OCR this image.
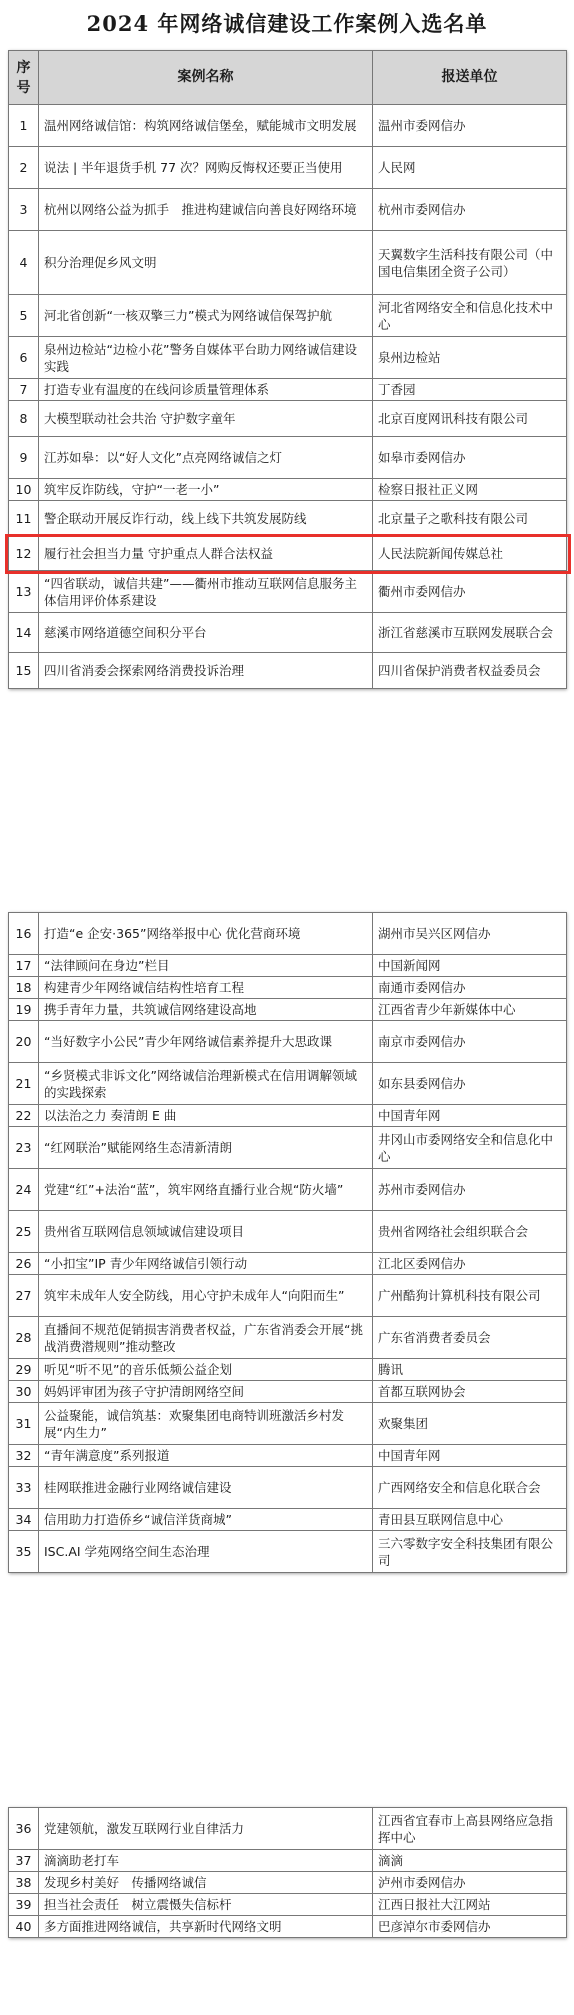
2024 年网络诚信建设工作案例入选名单
序号	案例名称	报送单位
1	温州网络诚信馆：构筑网络诚信堡垒，赋能城市文明发展	温州市委网信办
2	说法 | 半年退货手机 77 次？网购反悔权还要正当使用	人民网
3	杭州以网络公益为抓手　推进构建诚信向善良好网络环境	杭州市委网信办
4	积分治理促乡风文明	天翼数字生活科技有限公司（中国电信集团全资子公司）
5	河北省创新“一核双擎三力”模式为网络诚信保驾护航	河北省网络安全和信息化技术中心
6	泉州边检站“边检小花”警务自媒体平台助力网络诚信建设实践	泉州边检站
7	打造专业有温度的在线问诊质量管理体系	丁香园
8	大模型联动社会共治 守护数字童年	北京百度网讯科技有限公司
9	江苏如皋：以“好人文化”点亮网络诚信之灯	如皋市委网信办
10	筑牢反诈防线，守护“一老一小”	检察日报社正义网
11	警企联动开展反诈行动，线上线下共筑发展防线	北京量子之歌科技有限公司
12	履行社会担当力量 守护重点人群合法权益	人民法院新闻传媒总社
13	“四省联动，诚信共建”——衢州市推动互联网信息服务主体信用评价体系建设	衢州市委网信办
14	慈溪市网络道德空间积分平台	浙江省慈溪市互联网发展联合会
15	四川省消委会探索网络消费投诉治理	四川省保护消费者权益委员会
16	打造“e 企安·365”网络举报中心 优化营商环境	湖州市吴兴区网信办
17	“法律顾问在身边”栏目	中国新闻网
18	构建青少年网络诚信结构性培育工程	南通市委网信办
19	携手青年力量，共筑诚信网络建设高地	江西省青少年新媒体中心
20	“当好数字小公民”青少年网络诚信素养提升大思政课	南京市委网信办
21	“乡贤模式非诉文化”网络诚信治理新模式在信用调解领域的实践探索	如东县委网信办
22	以法治之力 奏清朗 E 曲	中国青年网
23	“红网联治”赋能网络生态清新清朗	井冈山市委网络安全和信息化中心
24	党建“红”+法治“蓝”，筑牢网络直播行业合规“防火墙”	苏州市委网信办
25	贵州省互联网信息领域诚信建设项目	贵州省网络社会组织联合会
26	“小扣宝”IP 青少年网络诚信引领行动	江北区委网信办
27	筑牢未成年人安全防线，用心守护未成年人“向阳而生”	广州酷狗计算机科技有限公司
28	直播间不规范促销损害消费者权益，广东省消委会开展“挑战消费潜规则”推动整改	广东省消费者委员会
29	听见“听不见”的音乐低频公益企划	腾讯
30	妈妈评审团为孩子守护清朗网络空间	首都互联网协会
31	公益聚能，诚信筑基：欢聚集团电商特训班激活乡村发展“内生力”	欢聚集团
32	“青年满意度”系列报道	中国青年网
33	桂网联推进金融行业网络诚信建设	广西网络安全和信息化联合会
34	信用助力打造侨乡“诚信洋货商城”	青田县互联网信息中心
35	ISC.AI 学苑网络空间生态治理	三六零数字安全科技集团有限公司
36	党建领航，激发互联网行业自律活力	江西省宜春市上高县网络应急指挥中心
37	滴滴助老打车	滴滴
38	发现乡村美好　传播网络诚信	泸州市委网信办
39	担当社会责任　树立震慑失信标杆	江西日报社大江网站
40	多方面推进网络诚信，共享新时代网络文明	巴彦淖尔市委网信办
